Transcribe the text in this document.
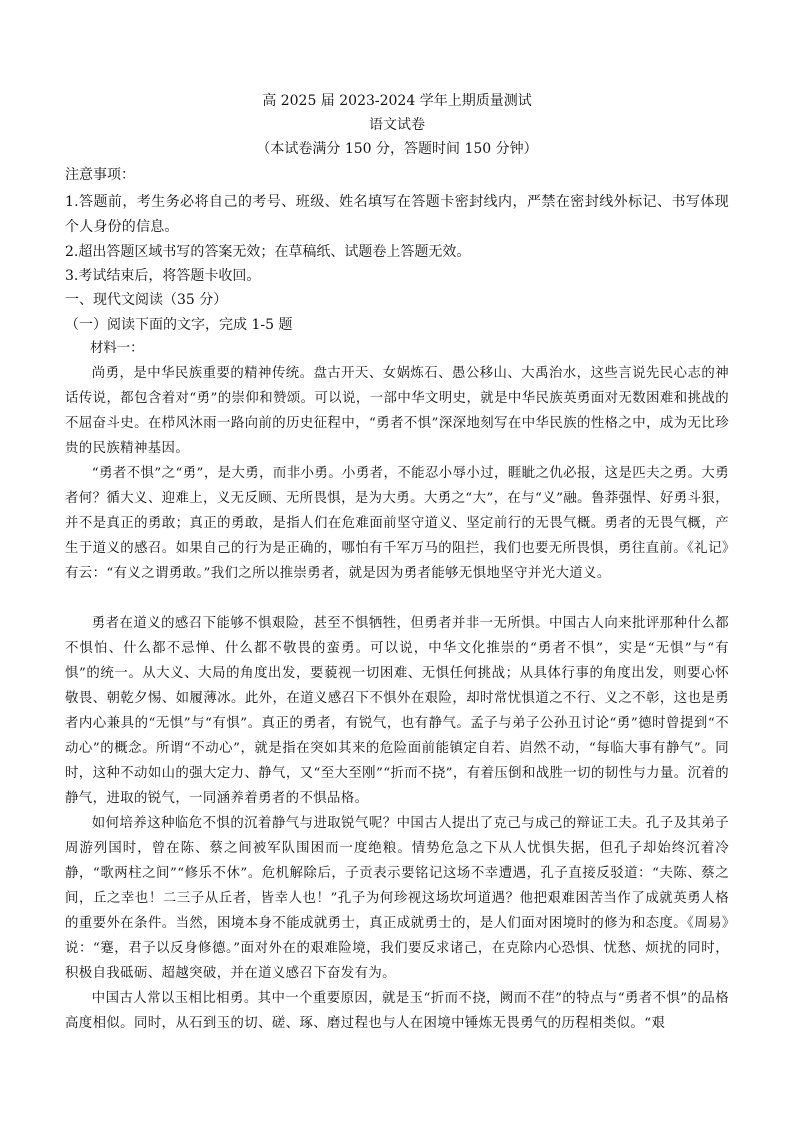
高 2025 届 2023-2024 学年上期质量测试
语文试卷
（本试卷满分 150 分，答题时间 150 分钟）
注意事项：
1.答题前，考生务必将自己的考号、班级、姓名填写在答题卡密封线内，严禁在密封线外标记、书写体现个人身份的信息。
2.超出答题区域书写的答案无效；在草稿纸、试题卷上答题无效。
3.考试结束后，将答题卡收回。
一、现代文阅读（35 分）
（一）阅读下面的文字，完成 1-5 题
材料一：
尚勇，是中华民族重要的精神传统。盘古开天、女娲炼石、愚公移山、大禹治水，这些言说先民心志的神话传说，都包含着对“勇”的崇仰和赞颂。可以说，一部中华文明史，就是中华民族英勇面对无数困难和挑战的不屈奋斗史。在栉风沐雨一路向前的历史征程中，“勇者不惧”深深地刻写在中华民族的性格之中，成为无比珍贵的民族精神基因。
“勇者不惧”之“勇”，是大勇，而非小勇。小勇者，不能忍小辱小过，睚眦之仇必报，这是匹夫之勇。大勇者何？循大义、迎难上，义无反顾、无所畏惧，是为大勇。大勇之“大”，在与“义”融。鲁莽强悍、好勇斗狠，并不是真正的勇敢；真正的勇敢，是指人们在危难面前坚守道义、坚定前行的无畏气概。勇者的无畏气概，产生于道义的感召。如果自己的行为是正确的，哪怕有千军万马的阻拦，我们也要无所畏惧，勇往直前。《礼记》有云：“有义之谓勇敢。”我们之所以推崇勇者，就是因为勇者能够无惧地坚守并光大道义。
勇者在道义的感召下能够不惧艰险，甚至不惧牺牲，但勇者并非一无所惧。中国古人向来批评那种什么都不惧怕、什么都不忌惮、什么都不敬畏的蛮勇。可以说，中华文化推崇的“勇者不惧”，实是“无惧”与“有惧”的统一。从大义、大局的角度出发，要藐视一切困难、无惧任何挑战；从具体行事的角度出发，则要心怀敬畏、朝乾夕惕、如履薄冰。此外，在道义感召下不惧外在艰险，却时常忧惧道之不行、义之不彰，这也是勇者内心兼具的“无惧”与“有惧”。真正的勇者，有锐气，也有静气。孟子与弟子公孙丑讨论“勇”德时曾提到“不动心”的概念。所谓“不动心”，就是指在突如其来的危险面前能镇定自若、岿然不动，“每临大事有静气”。同时，这种不动如山的强大定力、静气，又“至大至刚”“折而不挠”，有着压倒和战胜一切的韧性与力量。沉着的静气，进取的锐气，一同涵养着勇者的不惧品格。
如何培养这种临危不惧的沉着静气与进取锐气呢？中国古人提出了克己与成己的辩证工夫。孔子及其弟子周游列国时，曾在陈、蔡之间被军队围困而一度绝粮。情势危急之下从人忧惧失据，但孔子却始终沉着冷静，“歌两柱之间”“修乐不休”。危机解除后，子贡表示要铭记这场不幸遭遇，孔子直接反驳道：“夫陈、蔡之间，丘之幸也！二三子从丘者，皆幸人也！”孔子为何珍视这场坎坷道遇？他把艰难困苦当作了成就英勇人格的重要外在条件。当然，困境本身不能成就勇士，真正成就勇士的，是人们面对困境时的修为和态度。《周易》说：“蹇，君子以反身修德。”面对外在的艰难险境，我们要反求诸己，在克除内心恐惧、忧愁、烦扰的同时，积极自我砥砺、超越突破，并在道义感召下奋发有为。
中国古人常以玉相比相勇。其中一个重要原因，就是玉“折而不挠，阙而不荏”的特点与“勇者不惧”的品格高度相似。同时，从石到玉的切、磋、琢、磨过程也与人在困境中锤炼无畏勇气的历程相类似。“艰
